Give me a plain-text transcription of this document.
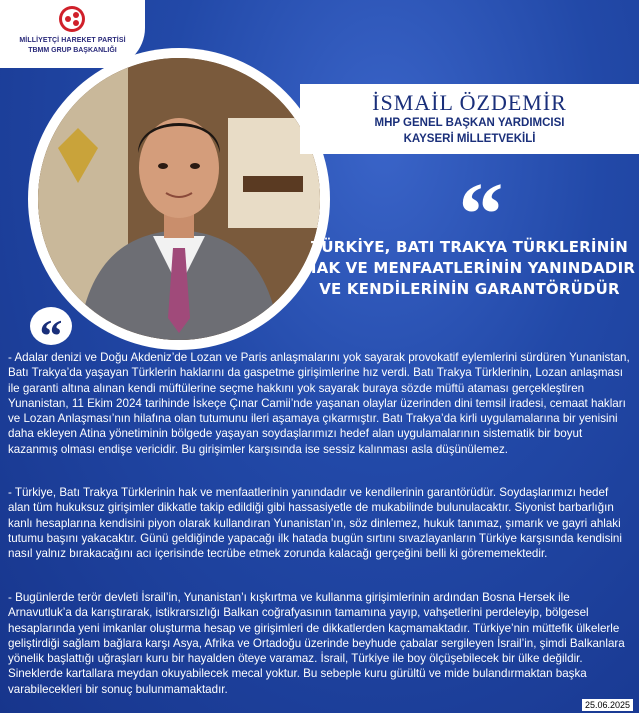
MİLLİYETÇİ HAREKET PARTİSİ
TBMM GRUP BAŞKANLIĞI
İSMAİL ÖZDEMİR
MHP GENEL BAŞKAN YARDIMCISI
KAYSERİ MİLLETVEKİLİ
“
TÜRKİYE, BATI TRAKYA TÜRKLERİNİN HAK VE MENFAATLERİNİN YANINDADIR VE KENDİLERİNİN GARANTÖRÜDÜR
“
- Adalar denizi ve Doğu Akdeniz’de Lozan ve Paris anlaşmalarını yok sayarak provokatif eylemlerini sürdüren Yunanistan, Batı Trakya’da yaşayan Türklerin haklarını da gaspetme girişimlerine hız verdi. Batı Trakya Türklerinin, Lozan anlaşması ile garanti altına alınan kendi müftülerine seçme hakkını yok sayarak buraya sözde müftü ataması gerçekleştiren Yunanistan, 11 Ekim 2024 tarihinde İskeçe Çınar Camii’nde yaşanan olaylar üzerinden dini temsil iradesi, cemaat hakları ve Lozan Anlaşması’nın hilafına olan tutumunu ileri aşamaya çıkarmıştır. Batı Trakya’da kirli uygulamalarına bir yenisini daha ekleyen Atina yönetiminin bölgede yaşayan soydaşlarımızı hedef alan uygulamalarının sistematik bir boyut kazanmış olması endişe vericidir. Bu girişimler karşısında ise sessiz kalınması asla düşünülemez.
- Türkiye, Batı Trakya Türklerinin hak ve menfaatlerinin yanındadır ve kendilerinin garantörüdür. Soydaşlarımızı hedef alan tüm hukuksuz girişimler dikkatle takip edildiği gibi hassasiyetle de mukabilinde bulunulacaktır. Siyonist barbarlığın kanlı hesaplarına kendisini piyon olarak kullandıran Yunanistan’ın, söz dinlemez, hukuk tanımaz, şımarık ve gayri ahlaki tutumu başını yakacaktır. Günü geldiğinde yapacağı ilk hatada bugün sırtını sıvazlayanların Türkiye karşısında kendisini nasıl yalnız bırakacağını acı içerisinde tecrübe etmek zorunda kalacağı gerçeğini belli ki görememektedir.
- Bugünlerde terör devleti İsrail’in, Yunanistan’ı kışkırtma ve kullanma girişimlerinin ardından Bosna Hersek ile Arnavutluk’a da karıştırarak, istikrarsızlığı Balkan coğrafyasının tamamına yayıp, vahşetlerini perdeleyip, bölgesel hesaplarında yeni imkanlar oluşturma hesap ve girişimleri de dikkatlerden kaçmamaktadır. Türkiye’nin müttefik ülkelerle geliştirdiği sağlam bağlara karşı Asya, Afrika ve Ortadoğu üzerinde beyhude çabalar sergileyen İsrail’in, şimdi Balkanlara yönelik başlattığı uğraşları kuru bir hayalden öteye varamaz. İsrail, Türkiye ile boy ölçüşebilecek bir ülke değildir. Sineklerde kartallara meydan okuyabilecek mecal yoktur. Bu sebeple kuru gürültü ve mide bulandırmaktan başka varabilecekleri bir sonuç bulunmamaktadır.
25.06.2025
